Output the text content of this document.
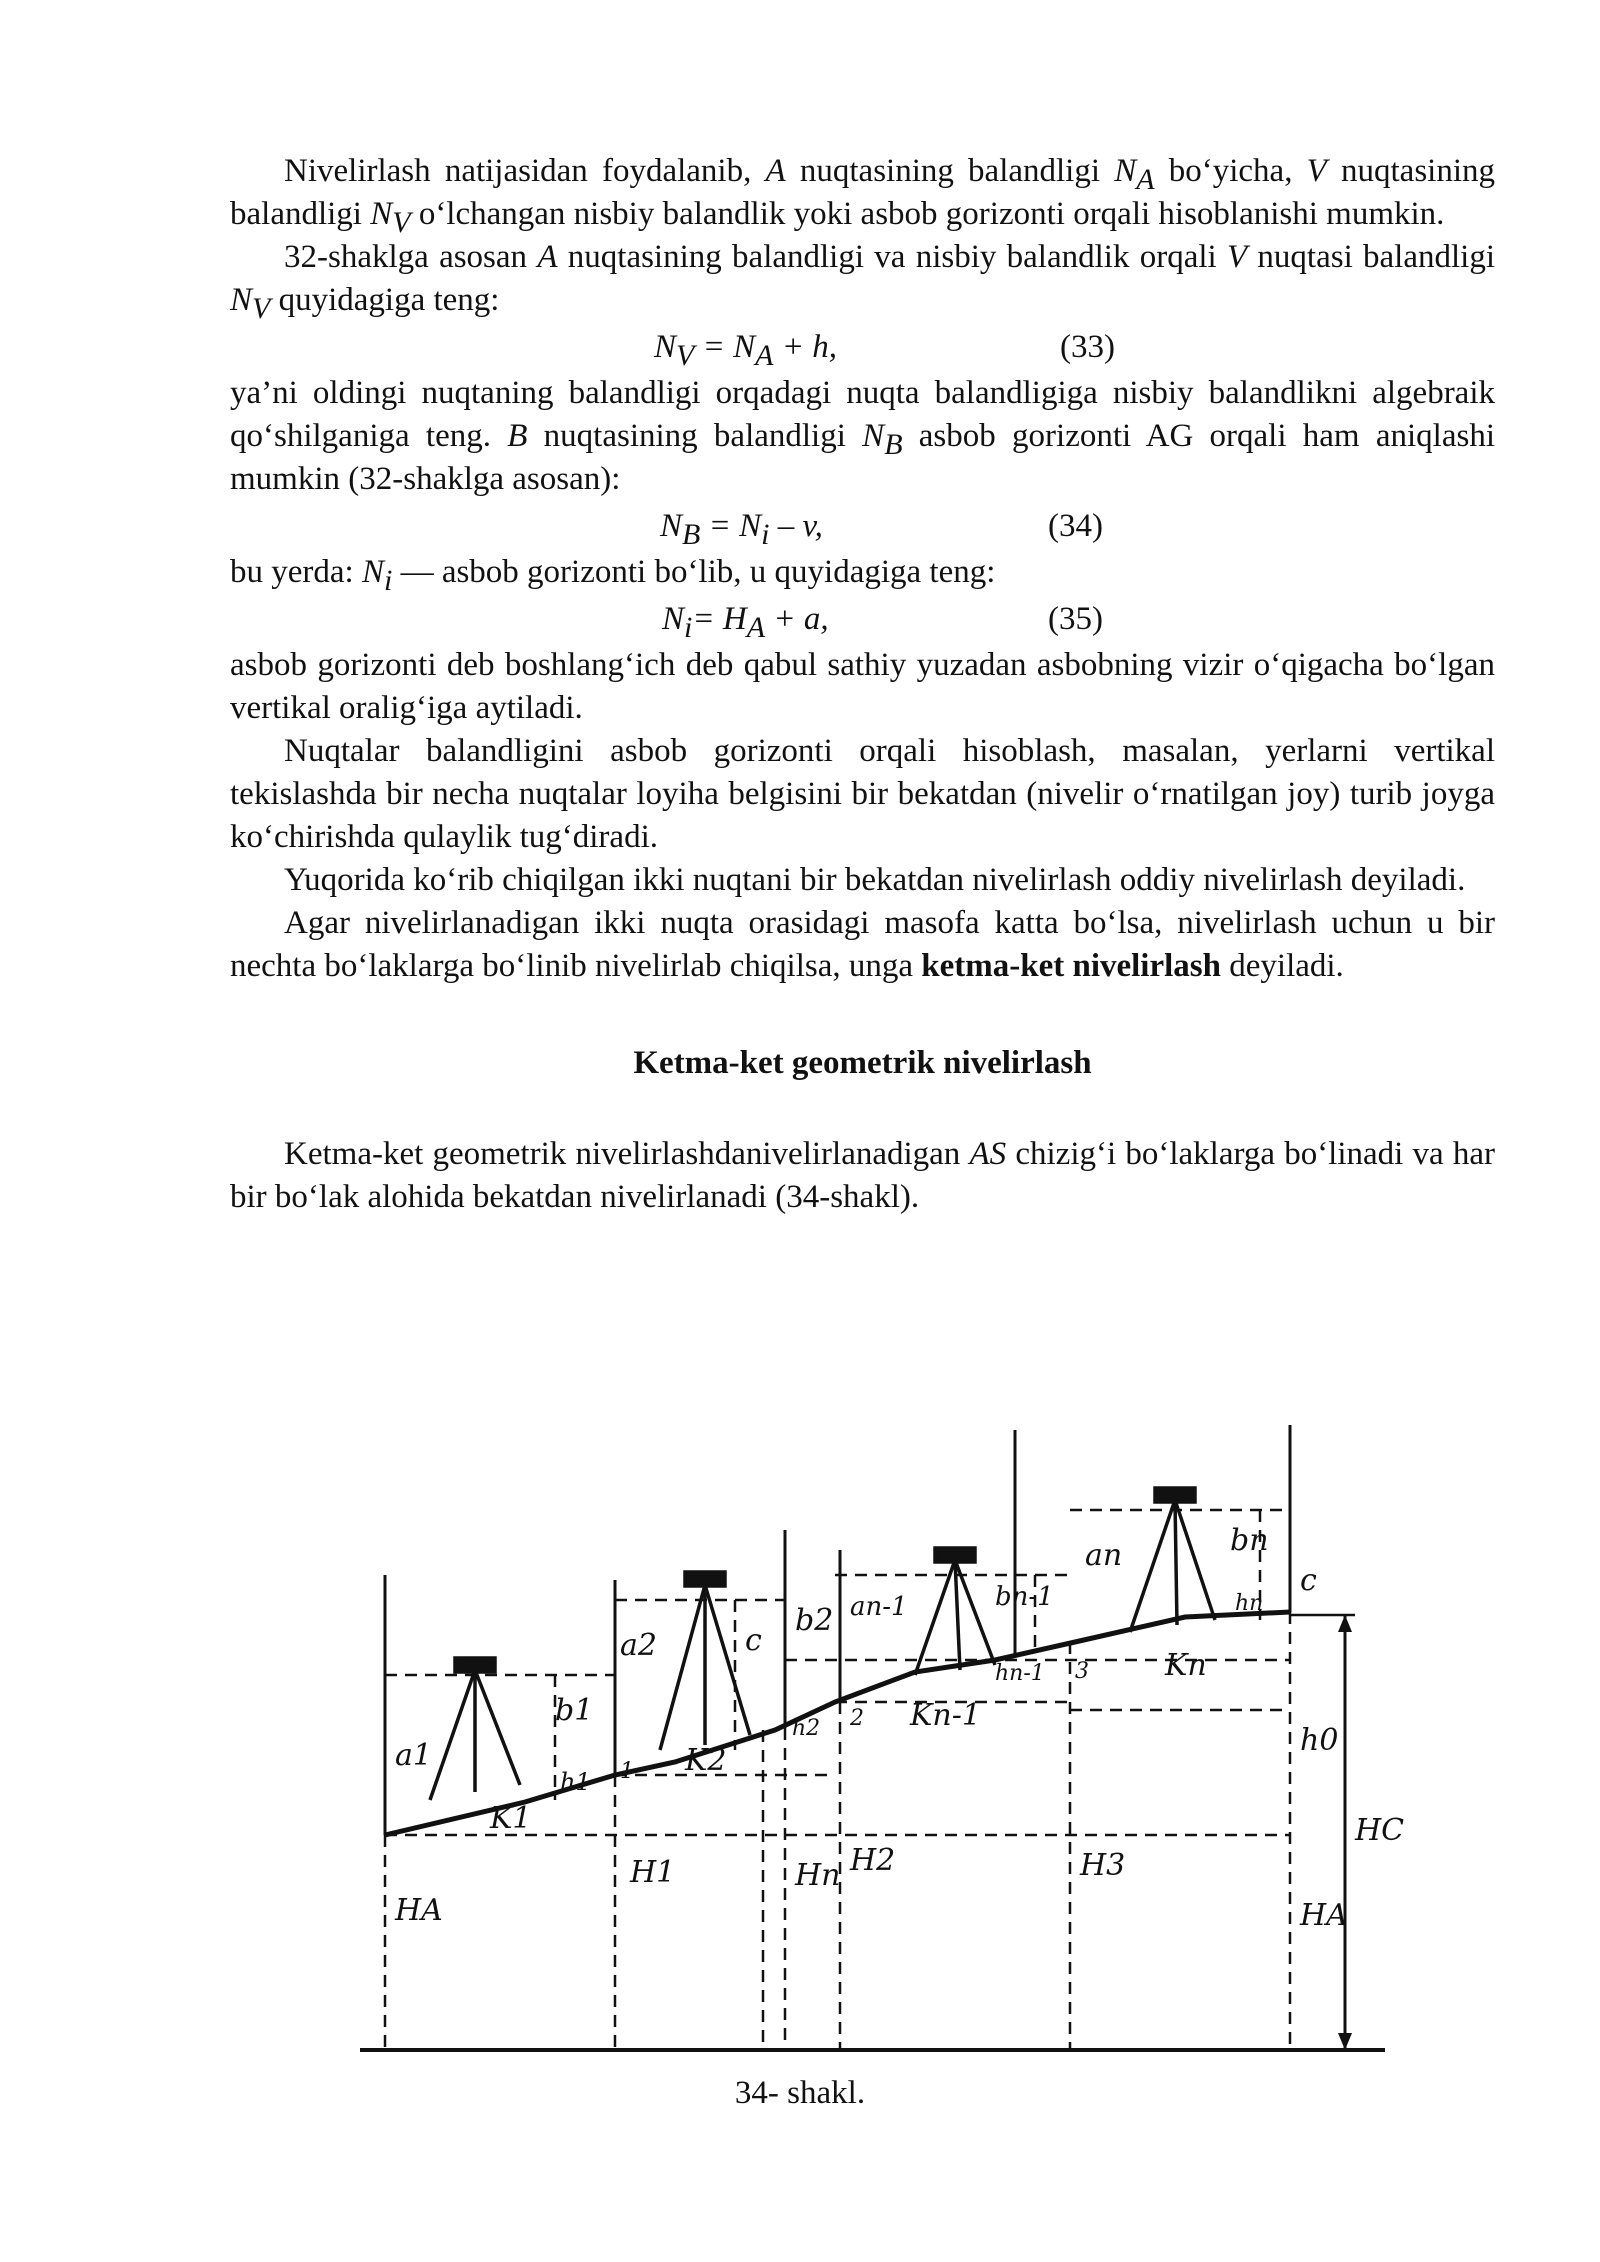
Nivelirlash natijasidan foydalanib, A nuqtasining balandligi NA bo‘yicha, V nuqtasining balandligi NV o‘lchangan nisbiy balandlik yoki asbob gorizonti orqali hisoblanishi mumkin.

32-shaklga asosan A nuqtasining balandligi va nisbiy balandlik orqali V nuqtasi balandligi NV quyidagiga teng:

NV = NA + h,	(33)

ya’ni oldingi nuqtaning balandligi orqadagi nuqta balandligiga nisbiy balandlikni algebraik qo‘shilganiga teng. B nuqtasining balandligi NB asbob gorizonti AG orqali ham aniqlashi mumkin (32-shaklga asosan):

NB = Ni – v,	(34)

bu yerda: Ni — asbob gorizonti bo‘lib, u quyidagiga teng:

Ni= HA + a,	(35)

asbob gorizonti deb boshlang‘ich deb qabul sathiy yuzadan asbobning vizir o‘qigacha bo‘lgan vertikal oralig‘iga aytiladi.

Nuqtalar balandligini asbob gorizonti orqali hisoblash, masalan, yerlarni vertikal tekislashda bir necha nuqtalar loyiha belgisini bir bekatdan (nivelir o‘rnatilgan joy) turib joyga ko‘chirishda qulaylik tug‘diradi.

Yuqorida ko‘rib chiqilgan ikki nuqtani bir bekatdan nivelirlash oddiy nivelirlash deyiladi.

Agar nivelirlanadigan ikki nuqta orasidagi masofa katta bo‘lsa, nivelirlash uchun u bir nechta bo‘laklarga bo‘linib nivelirlab chiqilsa, unga ketma-ket nivelirlash deyiladi.

Ketma-ket geometrik nivelirlash

Ketma-ket geometrik nivelirlashdanivelirlanadigan AS chizig‘i bo‘laklarga bo‘linadi va har bir bo‘lak alohida bekatdan nivelirlanadi (34-shakl).

a1
b1
h1
K1
HA
1
a2	c
b2
K2
H1
h2
Hn
2
an-1	bn-1
hn-1
Kn-1
H2
3
an	bn
hn
Kn
H3
c
h0
HC
HA
34- shakl.
